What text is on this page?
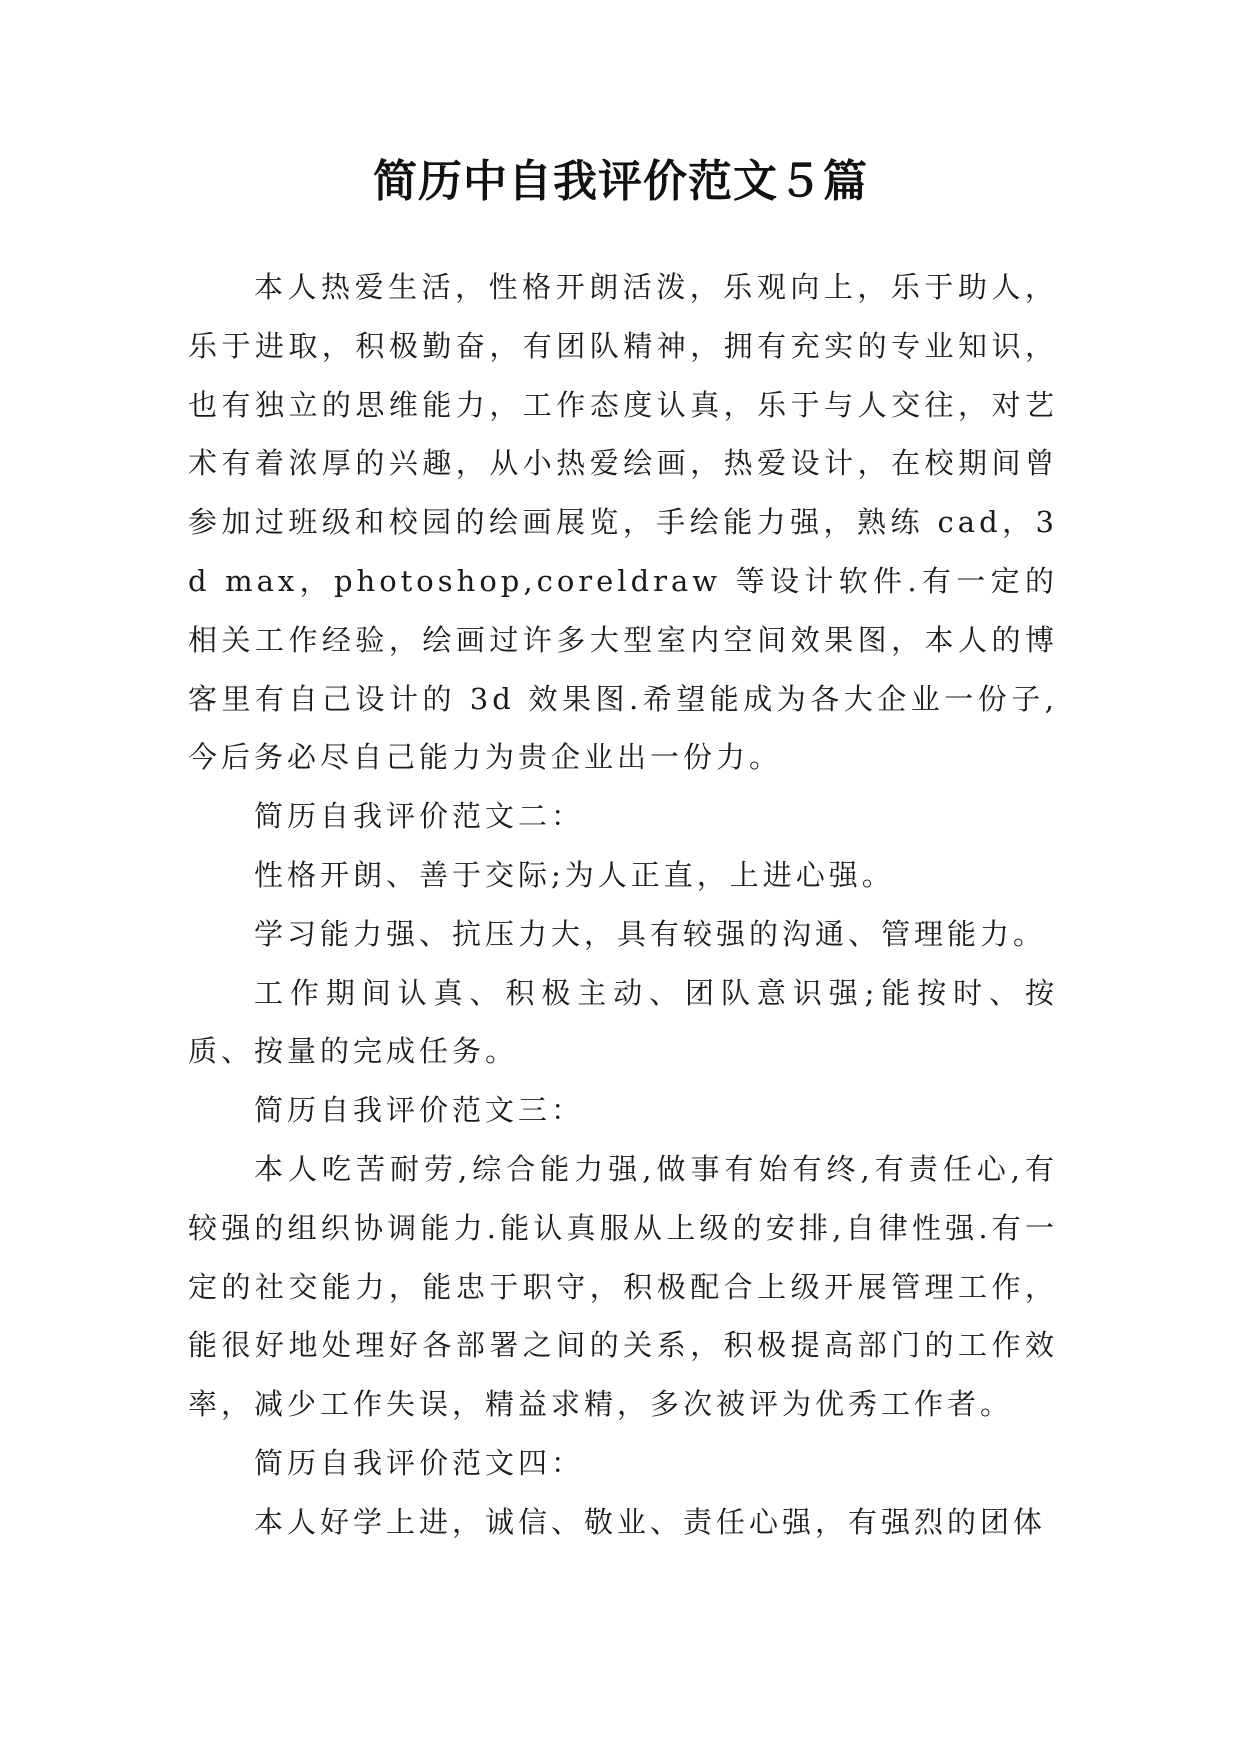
简历中自我评价范文５篇

本人热爱生活，性格开朗活泼，乐观向上，乐于助人，乐于进取，积极勤奋，有团队精神，拥有充实的专业知识，也有独立的思维能力，工作态度认真，乐于与人交往，对艺术有着浓厚的兴趣，从小热爱绘画，热爱设计，在校期间曾参加过班级和校园的绘画展览，手绘能力强，熟练 cad，3d max，photoshop,coreldraw 等设计软件.有一定的相关工作经验，绘画过许多大型室内空间效果图，本人的博客里有自己设计的 3d 效果图.希望能成为各大企业一份子,今后务必尽自己能力为贵企业出一份力。

简历自我评价范文二：

性格开朗、善于交际;为人正直，上进心强。

学习能力强、抗压力大，具有较强的沟通、管理能力。

工作期间认真、积极主动、团队意识强;能按时、按质、按量的完成任务。

简历自我评价范文三：

本人吃苦耐劳,综合能力强,做事有始有终,有责任心,有较强的组织协调能力.能认真服从上级的安排,自律性强.有一定的社交能力，能忠于职守，积极配合上级开展管理工作，能很好地处理好各部署之间的关系，积极提高部门的工作效率，减少工作失误，精益求精，多次被评为优秀工作者。

简历自我评价范文四：

本人好学上进，诚信、敬业、责任心强，有强烈的团体
